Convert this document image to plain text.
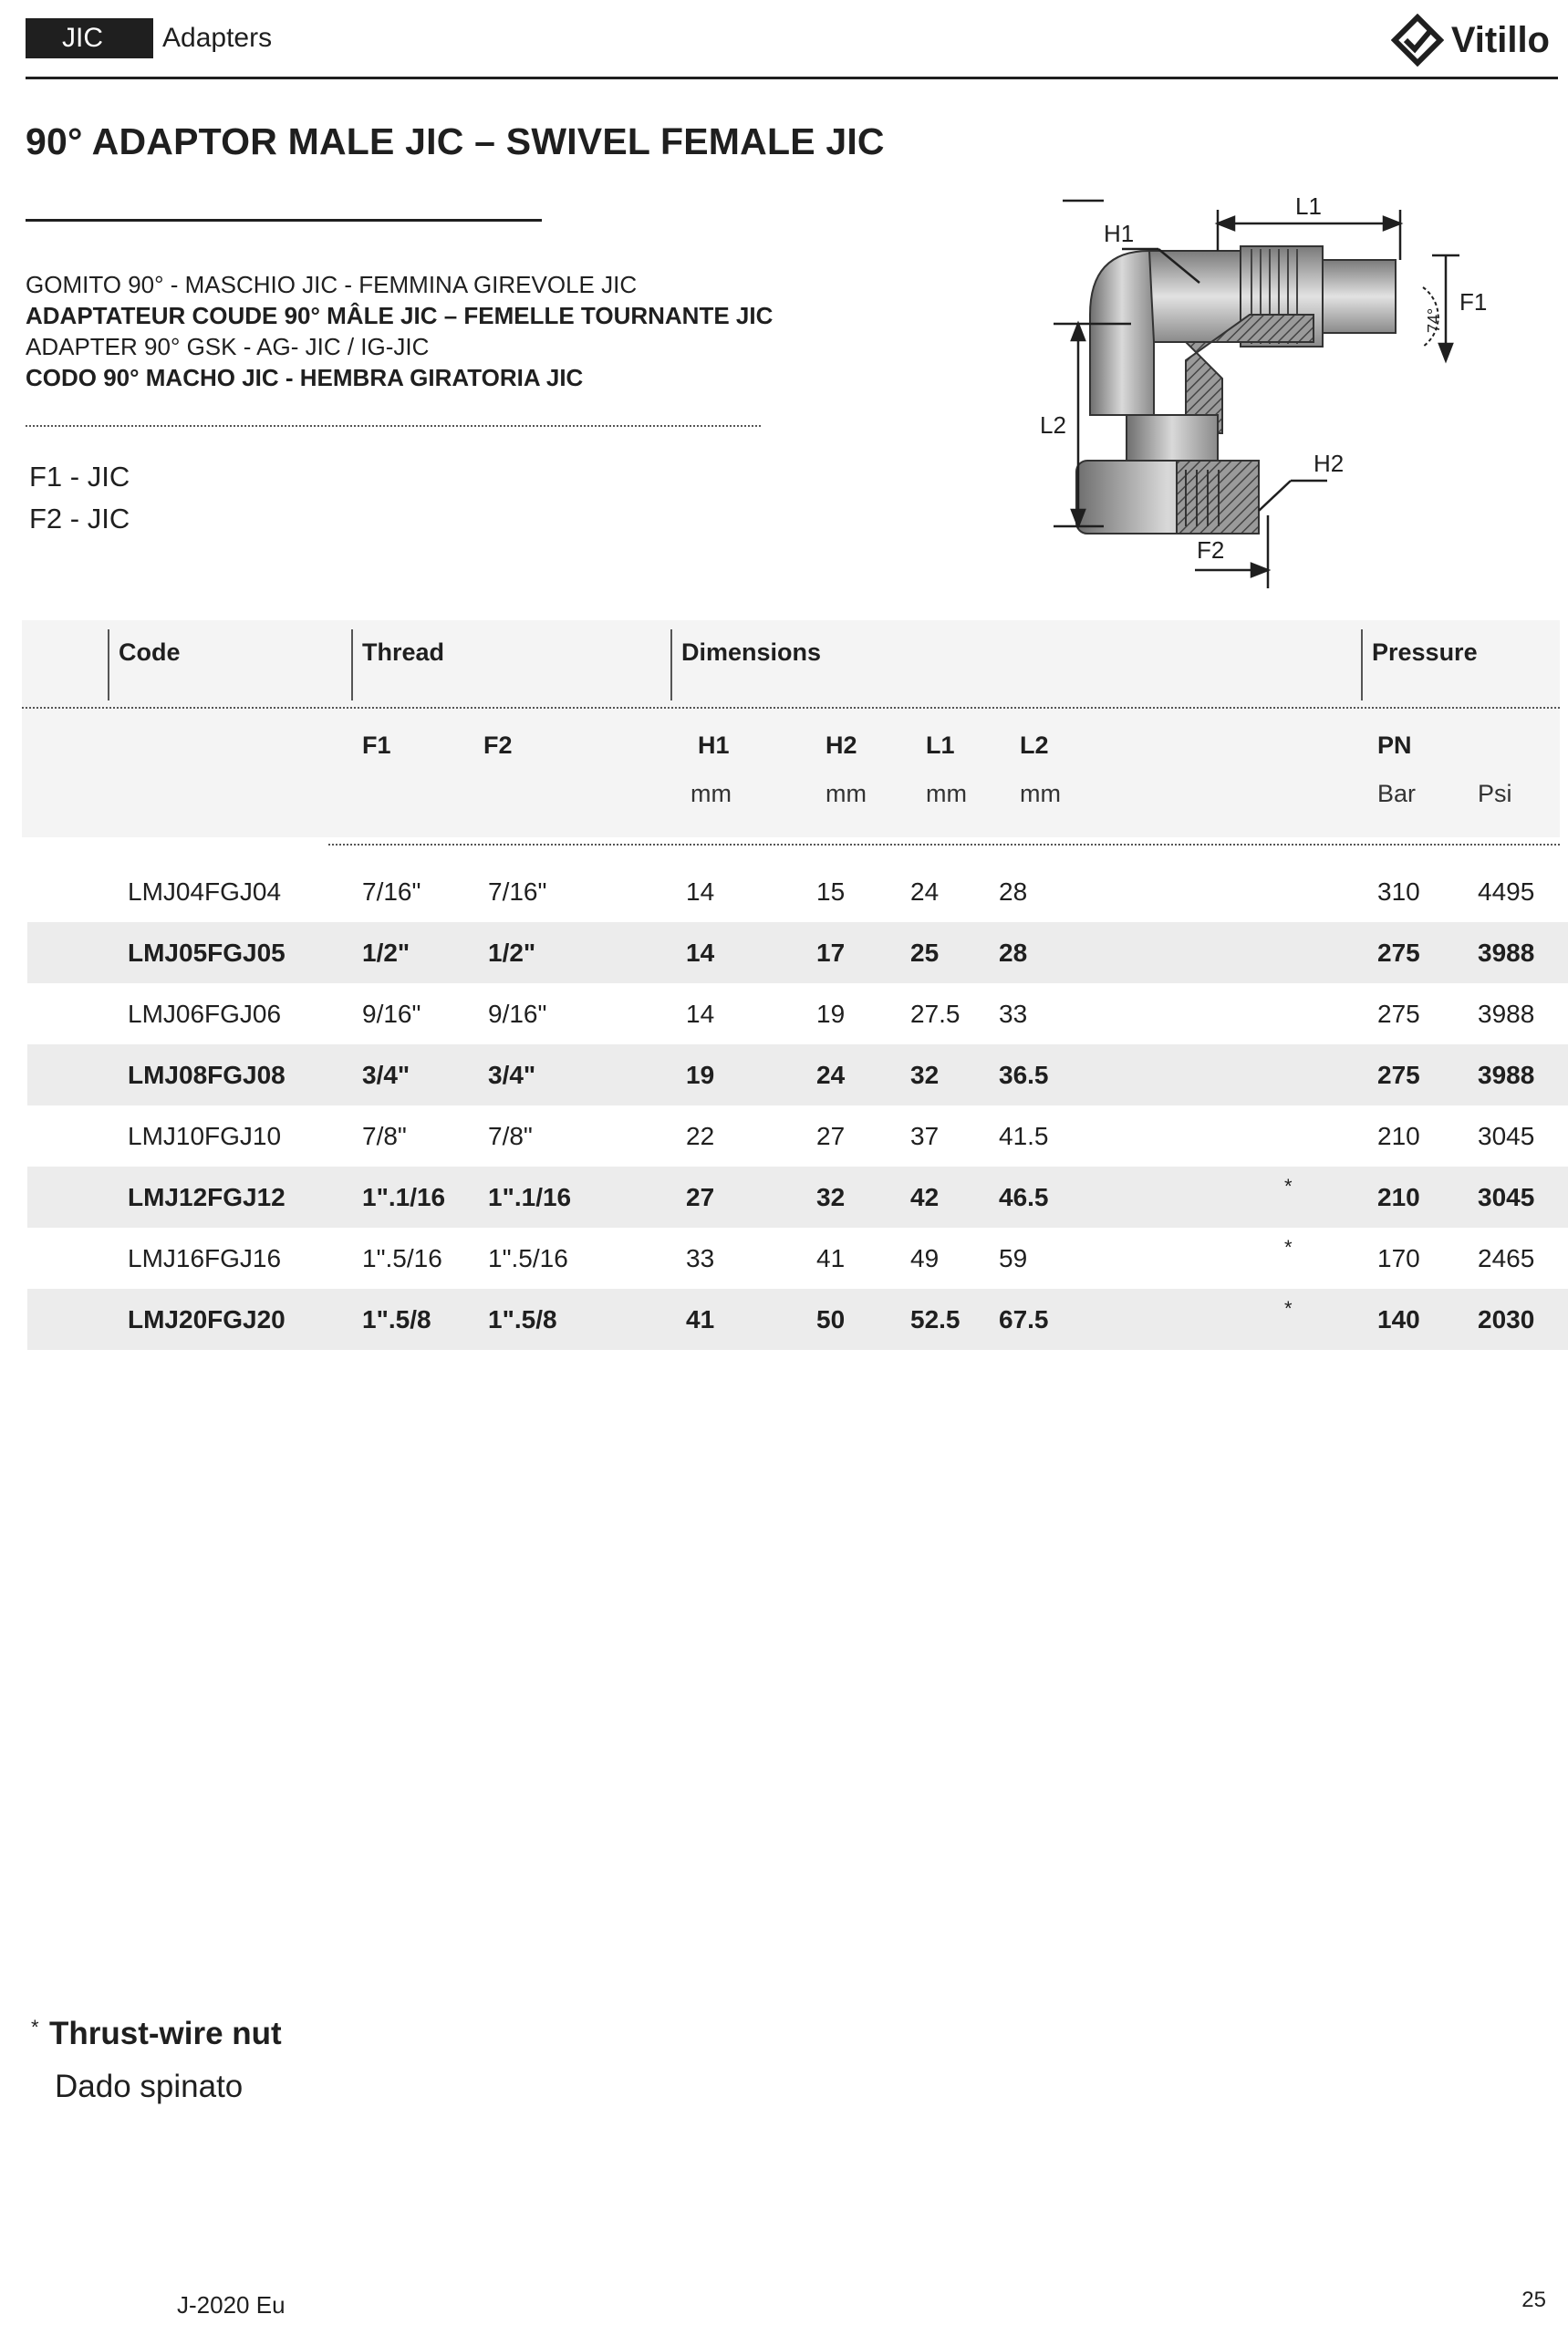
JIC	Adapters	Vitillo
90° ADAPTOR MALE JIC – SWIVEL FEMALE JIC
GOMITO 90° - MASCHIO JIC - FEMMINA GIREVOLE JIC
ADAPTATEUR COUDE 90° MÂLE JIC – FEMELLE TOURNANTE JIC
ADAPTER 90° GSK - AG- JIC / IG-JIC
CODO 90° MACHO JIC - HEMBRA GIRATORIA JIC
F1 - JIC
F2 - JIC
L1
H1
F1
L2
H2
F2
74°
Code	Thread	Dimensions	Pressure
F1	F2	H1	H2	L1	L2	PN
mm	mm mm mm	Bar	Psi
LMJ04FGJ04	7/16"	7/16"	14	15	24 28	310 4495
LMJ05FGJ05	1/2"	1/2"	14	17	25 28	275 3988
LMJ06FGJ06	9/16"	9/16"	14	19	27.5 33	275 3988
LMJ08FGJ08	3/4"	3/4"	19	24	32 36.5	275 3988
LMJ10FGJ10	7/8"	7/8"	22	27	37 41.5	210 3045
LMJ12FGJ12	1".1/16 1".1/16	27	32	42 46.5	*	210 3045
LMJ16FGJ16	1".5/16 1".5/16	33	41	49 59	*	170 2465
LMJ20FGJ20	1".5/8 1".5/8	41	50	52.5 67.5	*	140 2030
* Thrust-wire nut
Dado spinato
J-2020 Eu	25
